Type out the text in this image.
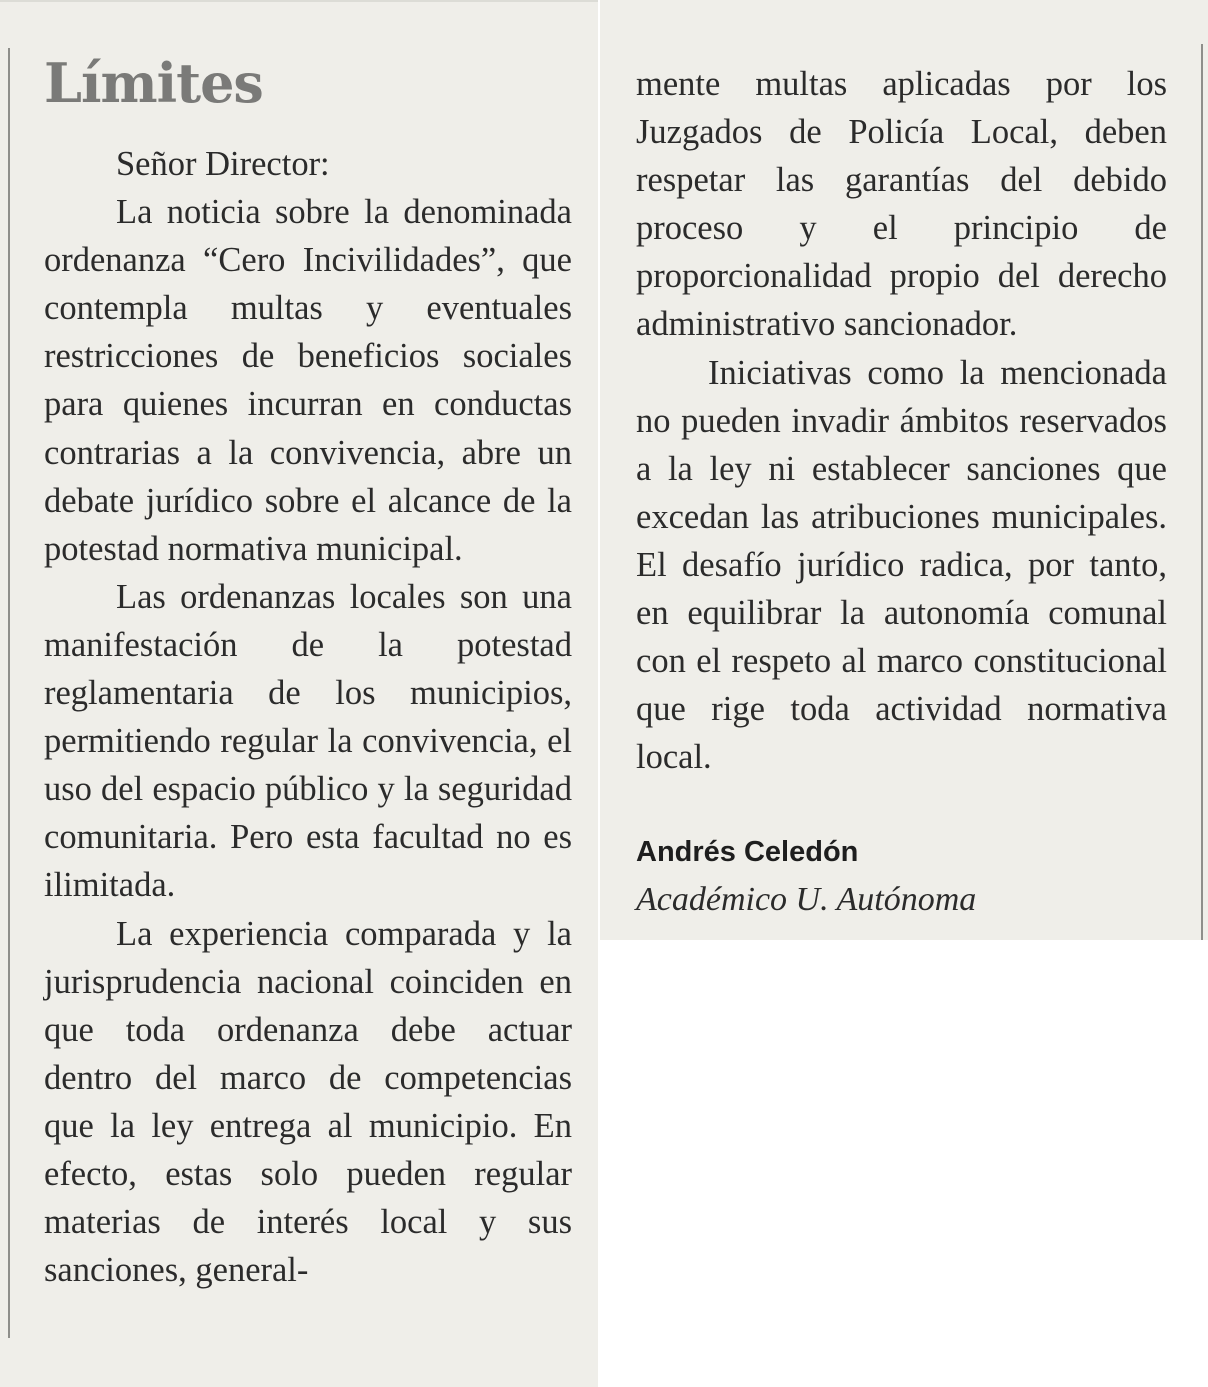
Límites

Señor Director:

La noticia sobre la denominada ordenanza “Cero Incivilidades”, que contempla multas y eventuales restricciones de beneficios sociales para quienes incurran en conductas contrarias a la convivencia, abre un debate jurídico sobre el alcance de la potestad normativa municipal.

Las ordenanzas locales son una manifestación de la potestad reglamentaria de los municipios, permitiendo regular la convivencia, el uso del espacio público y la seguridad comunitaria. Pero esta facultad no es ilimitada.

La experiencia comparada y la jurisprudencia nacional coinciden en que toda ordenanza debe actuar dentro del marco de competencias que la ley entrega al municipio. En efecto, estas solo pueden regular materias de interés local y sus sanciones, general-

mente multas aplicadas por los Juzgados de Policía Local, deben respetar las garantías del debido proceso y el principio de proporcionalidad propio del derecho administrativo sancionador.

Iniciativas como la mencionada no pueden invadir ámbitos reservados a la ley ni establecer sanciones que excedan las atribuciones municipales. El desafío jurídico radica, por tanto, en equilibrar la autonomía comunal con el respeto al marco constitucional que rige toda actividad normativa local.

Andrés Celedón

Académico U. Autónoma
